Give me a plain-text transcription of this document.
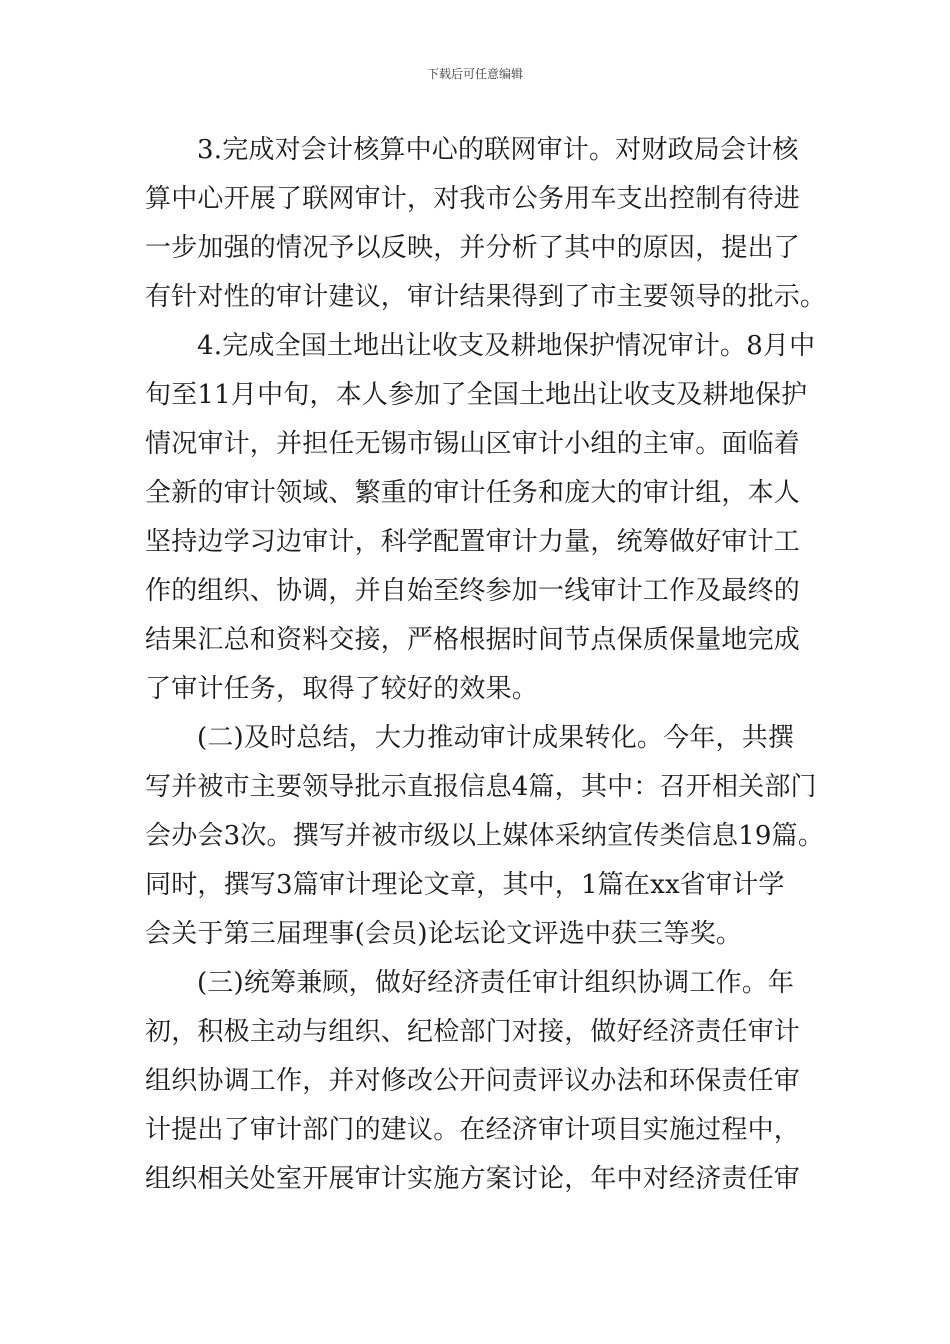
下载后可任意编辑
3.完成对会计核算中心的联网审计。对财政局会计核
算中心开展了联网审计，对我市公务用车支出控制有待进
一步加强的情况予以反映，并分析了其中的原因，提出了
有针对性的审计建议，审计结果得到了市主要领导的批示。
4.完成全国土地出让收支及耕地保护情况审计。8月中
旬至11月中旬，本人参加了全国土地出让收支及耕地保护
情况审计，并担任无锡市锡山区审计小组的主审。面临着
全新的审计领域、繁重的审计任务和庞大的审计组，本人
坚持边学习边审计，科学配置审计力量，统筹做好审计工
作的组织、协调，并自始至终参加一线审计工作及最终的
结果汇总和资料交接，严格根据时间节点保质保量地完成
了审计任务，取得了较好的效果。
(二)及时总结，大力推动审计成果转化。今年，共撰
写并被市主要领导批示直报信息4篇，其中：召开相关部门
会办会3次。撰写并被市级以上媒体采纳宣传类信息19篇。
同时，撰写3篇审计理论文章，其中，1篇在xx省审计学
会关于第三届理事(会员)论坛论文评选中获三等奖。
(三)统筹兼顾，做好经济责任审计组织协调工作。年
初，积极主动与组织、纪检部门对接，做好经济责任审计
组织协调工作，并对修改公开问责评议办法和环保责任审
计提出了审计部门的建议。在经济审计项目实施过程中，
组织相关处室开展审计实施方案讨论，年中对经济责任审
